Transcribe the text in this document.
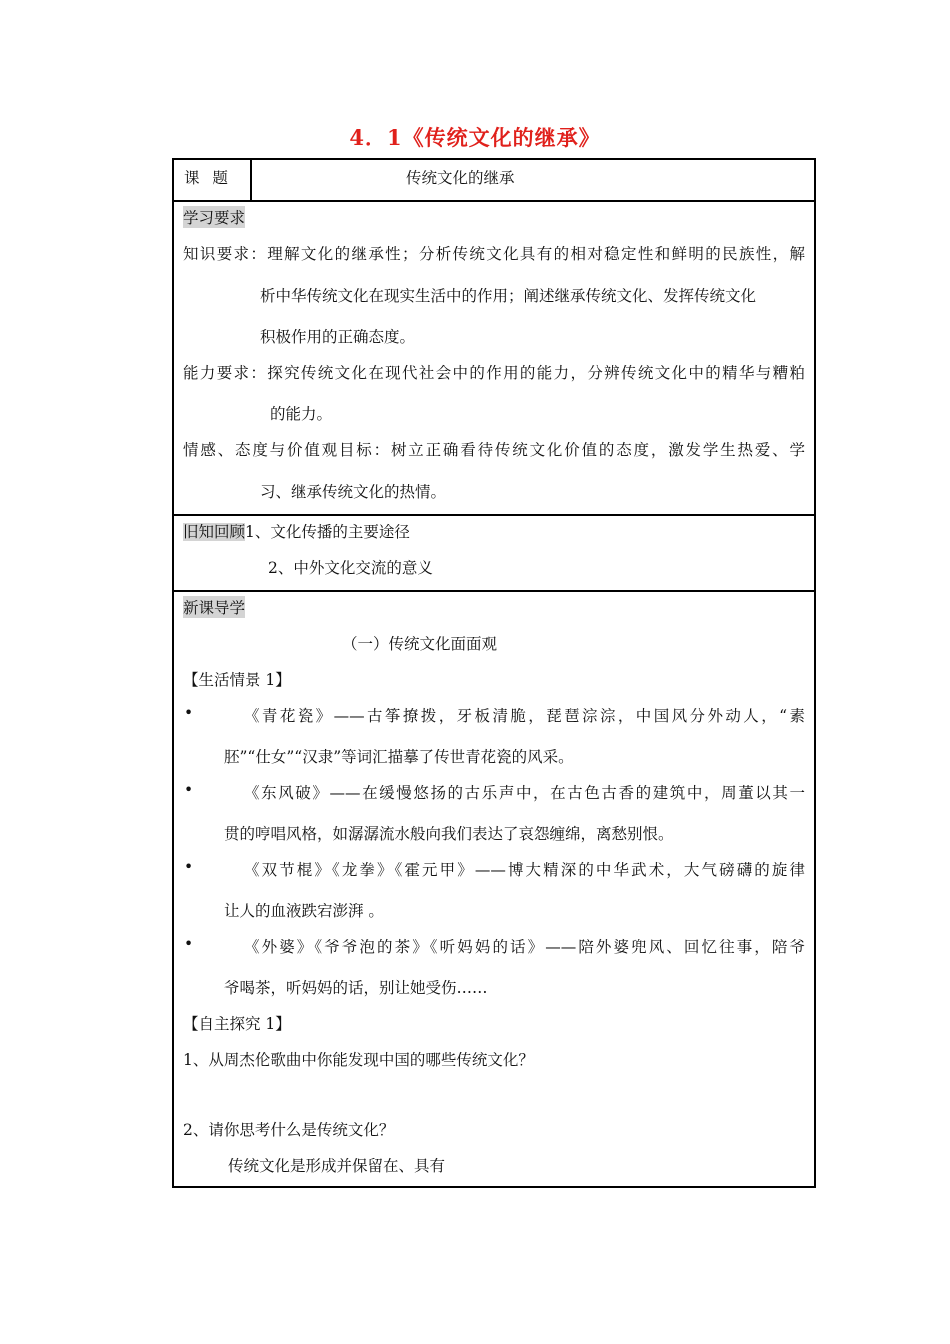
4．1《传统文化的继承》
课 题	传统文化的继承
学习要求
知识要求：理解文化的继承性；分析传统文化具有的相对稳定性和鲜明的民族性，解
析中华传统文化在现实生活中的作用；阐述继承传统文化、发挥传统文化
积极作用的正确态度。
能力要求：探究传统文化在现代社会中的作用的能力，分辨传统文化中的精华与糟粕
的能力。
情感、态度与价值观目标：树立正确看待传统文化价值的态度，激发学生热爱、学
习、继承传统文化的热情。
旧知回顾1、文化传播的主要途径
2、中外文化交流的意义
新课导学
（一）传统文化面面观
【生活情景 1】
•	《青花瓷》——古筝撩拨，牙板清脆，琵琶淙淙，中国风分外动人，“素
胚”“仕女”“汉隶”等词汇描摹了传世青花瓷的风采。
•	《东风破》——在缓慢悠扬的古乐声中，在古色古香的建筑中，周董以其一
贯的哼唱风格，如潺潺流水般向我们表达了哀怨缠绵，离愁别恨。
•	《双节棍》《龙拳》《霍元甲》——博大精深的中华武术，大气磅礴的旋律
让人的血液跌宕澎湃 。
•	《外婆》《爷爷泡的茶》《听妈妈的话》——陪外婆兜风、回忆往事，陪爷
爷喝茶，听妈妈的话，别让她受伤……
【自主探究 1】
1、从周杰伦歌曲中你能发现中国的哪些传统文化？
2、请你思考什么是传统文化？
传统文化是形成并保留在、具有
